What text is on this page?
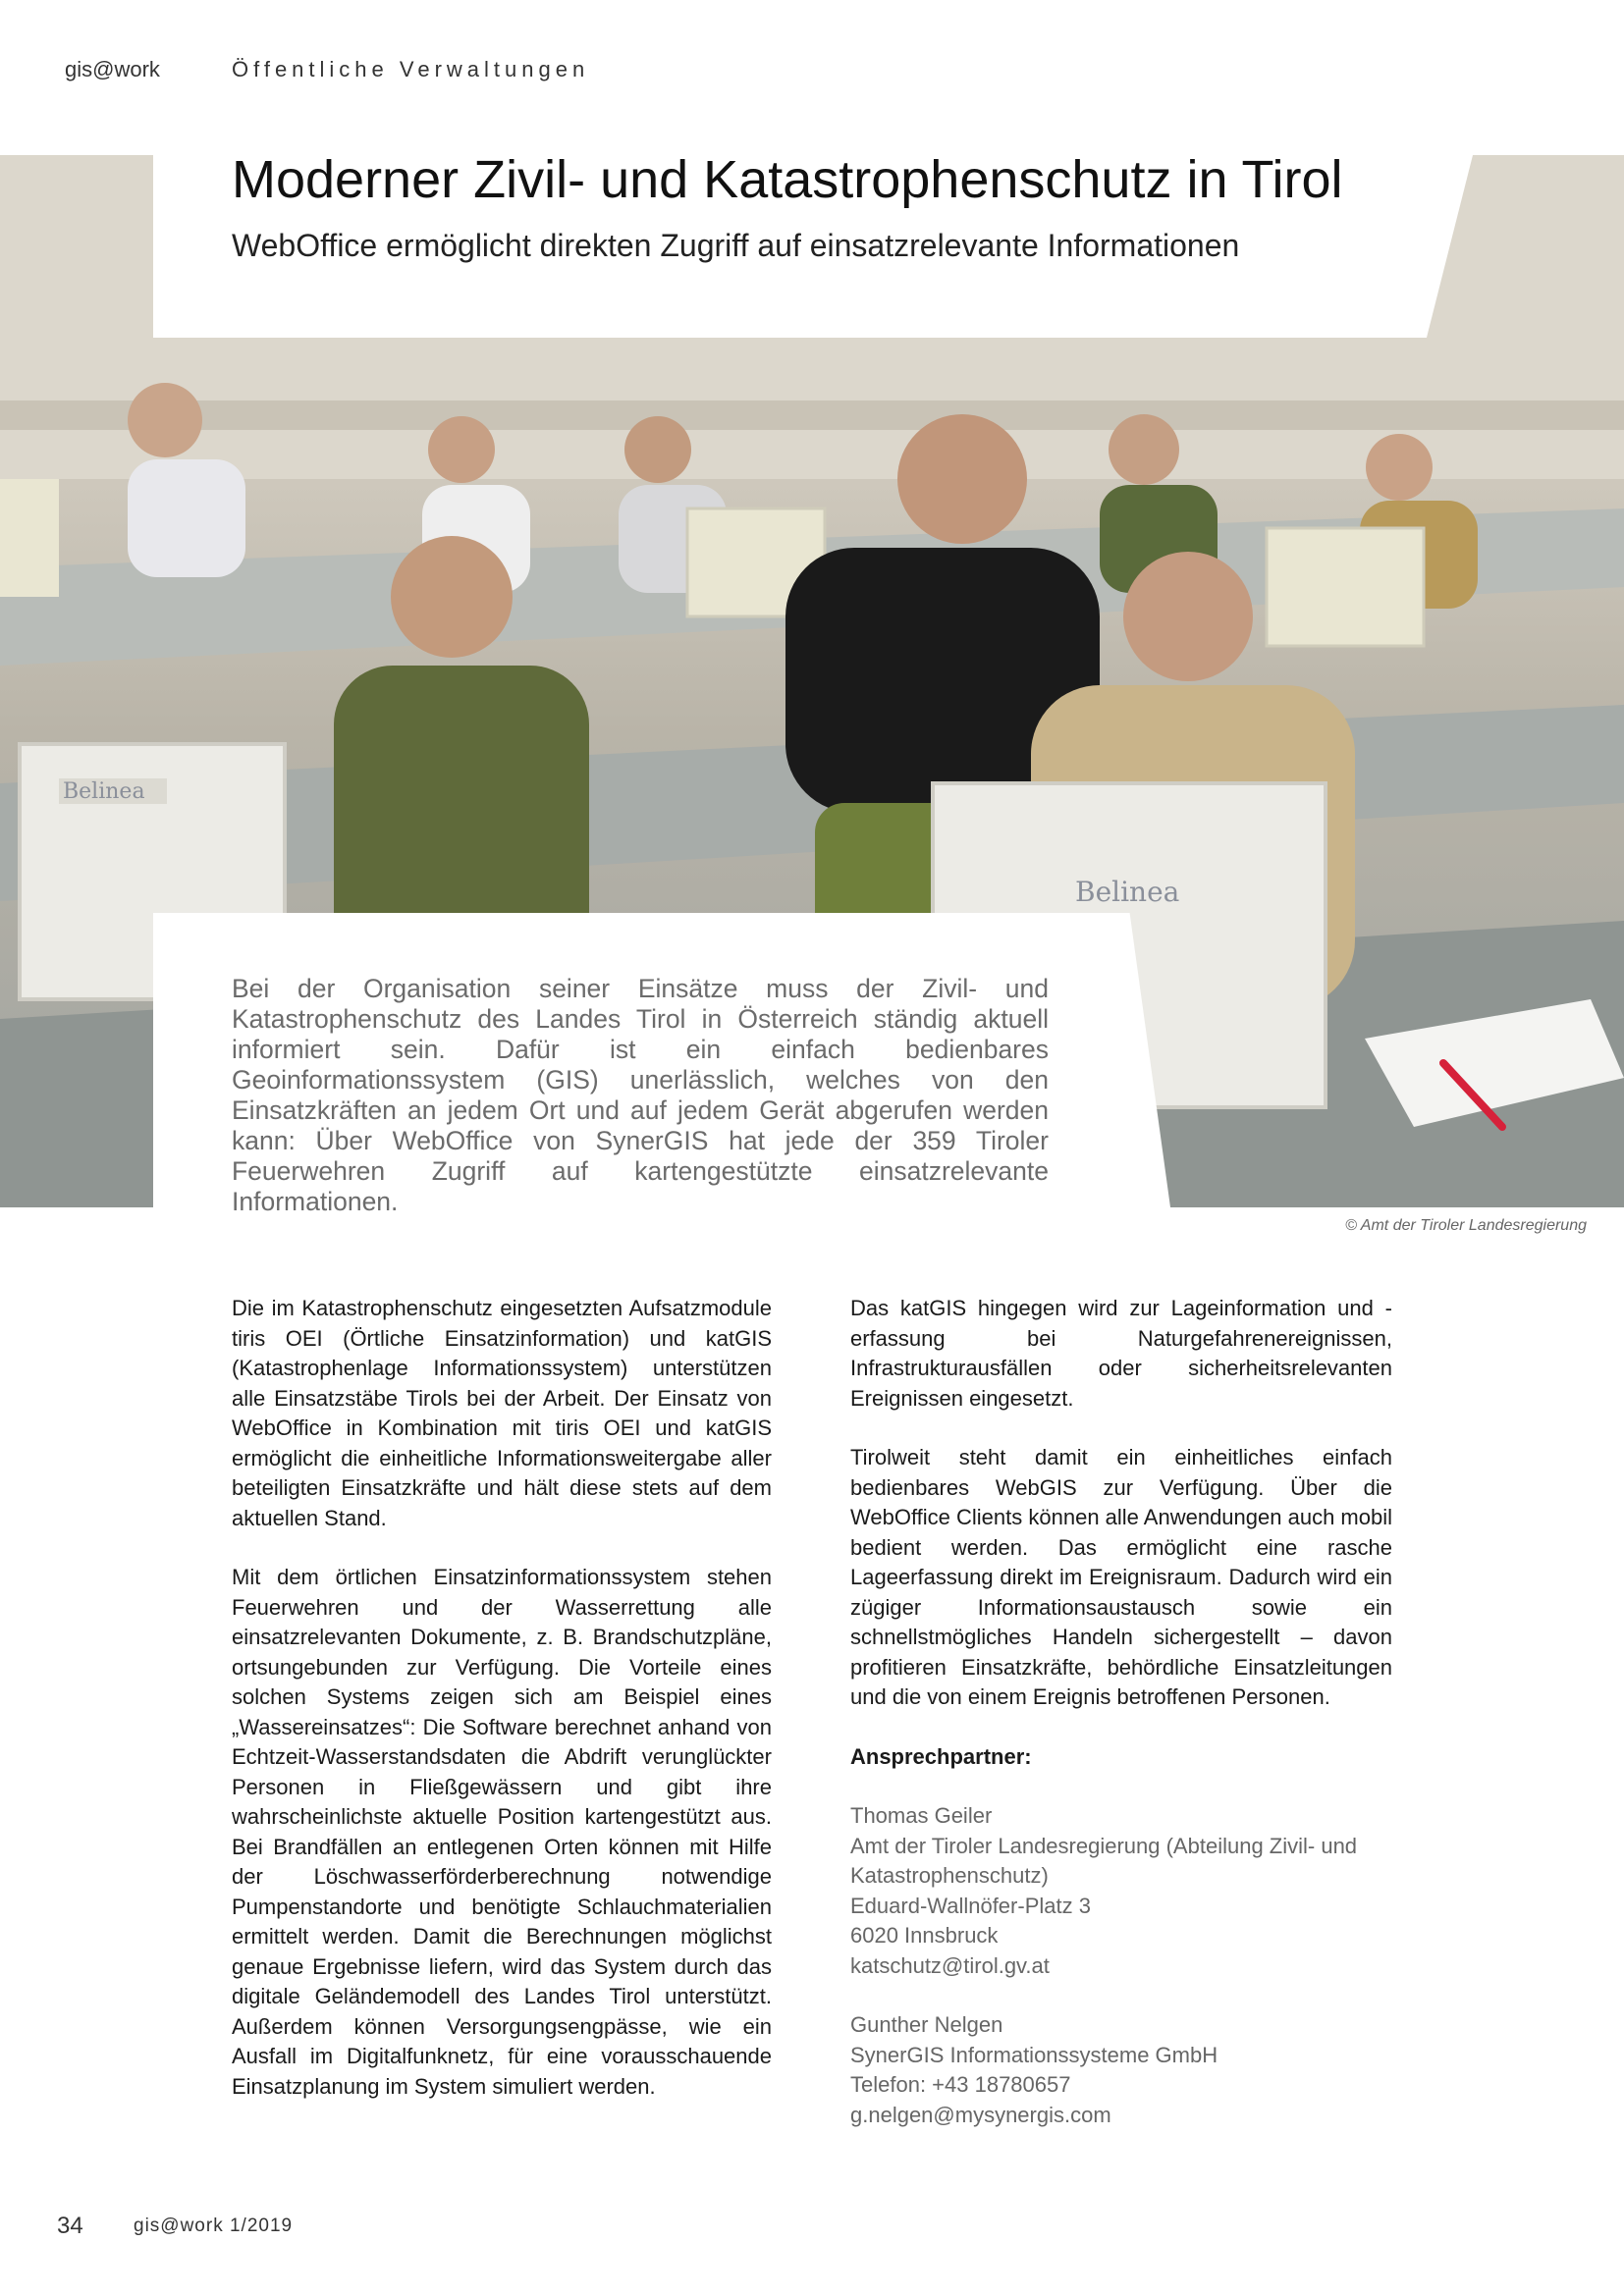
gis@work	Öffentliche Verwaltungen
Belinea
Belinea
Moderner Zivil- und Katastrophenschutz in Tirol
WebOffice ermöglicht direkten Zugriff auf einsatzrelevante Informationen
Bei der Organisation seiner Einsätze muss der Zivil- und Katastrophenschutz des Landes Tirol in Österreich ständig aktuell informiert sein. Dafür ist ein einfach bedienbares Geoinformationssystem (GIS) unerlässlich, welches von den Einsatzkräften an jedem Ort und auf jedem Gerät abgerufen werden kann: Über WebOffice von SynerGIS hat jede der 359 Tiroler Feuerwehren Zugriff auf kartengestützte einsatzrelevante Informationen.
© Amt der Tiroler Landesregierung

Die im Katastrophenschutz eingesetzten Aufsatzmodule tiris OEI (Örtliche Einsatzinformation) und katGIS (Katastrophenlage Informationssystem) unterstützen alle Einsatzstäbe Tirols bei der Arbeit. Der Einsatz von WebOffice in Kombination mit tiris OEI und katGIS ermöglicht die einheitliche Informationsweitergabe aller beteiligten Einsatzkräfte und hält diese stets auf dem aktuellen Stand.

Mit dem örtlichen Einsatzinformationssystem stehen Feuerwehren und der Wasserrettung alle einsatzrelevanten Dokumente, z. B. Brandschutzpläne, ortsungebunden zur Verfügung. Die Vorteile eines solchen Systems zeigen sich am Beispiel eines „Wassereinsatzes“: Die Software berechnet anhand von Echtzeit-Wasserstandsdaten die Abdrift verunglückter Personen in Fließgewässern und gibt ihre wahrscheinlichste aktuelle Position kartengestützt aus. Bei Brandfällen an entlegenen Orten können mit Hilfe der Löschwasserförderberechnung notwendige Pumpenstandorte und benötigte Schlauchmaterialien ermittelt werden. Damit die Berechnungen möglichst genaue Ergebnisse liefern, wird das System durch das digitale Geländemodell des Landes Tirol unterstützt. Außerdem können Versorgungsengpässe, wie ein Ausfall im Digitalfunknetz, für eine vorausschauende Einsatzplanung im System simuliert werden.

Das katGIS hingegen wird zur Lageinformation und -erfassung bei Naturgefahrenereignissen, Infrastrukturausfällen oder sicherheitsrelevanten Ereignissen eingesetzt.

Tirolweit steht damit ein einheitliches einfach bedienbares WebGIS zur Verfügung. Über die WebOffice Clients können alle Anwendungen auch mobil bedient werden. Das ermöglicht eine rasche Lageerfassung direkt im Ereignisraum. Dadurch wird ein zügiger Informationsaustausch sowie ein schnellstmögliches Handeln sichergestellt – davon profitieren Einsatzkräfte, behördliche Einsatzleitungen und die von einem Ereignis betroffenen Personen.

Ansprechpartner:

Thomas Geiler
Amt der Tiroler Landesregierung (Abteilung Zivil- und Katastrophenschutz)
Eduard-Wallnöfer-Platz 3
6020 Innsbruck
katschutz@tirol.gv.at
Gunther Nelgen
SynerGIS Informationssysteme GmbH
Telefon: +43 18780657
g.nelgen@mysynergis.com
34	gis@work 1/2019
